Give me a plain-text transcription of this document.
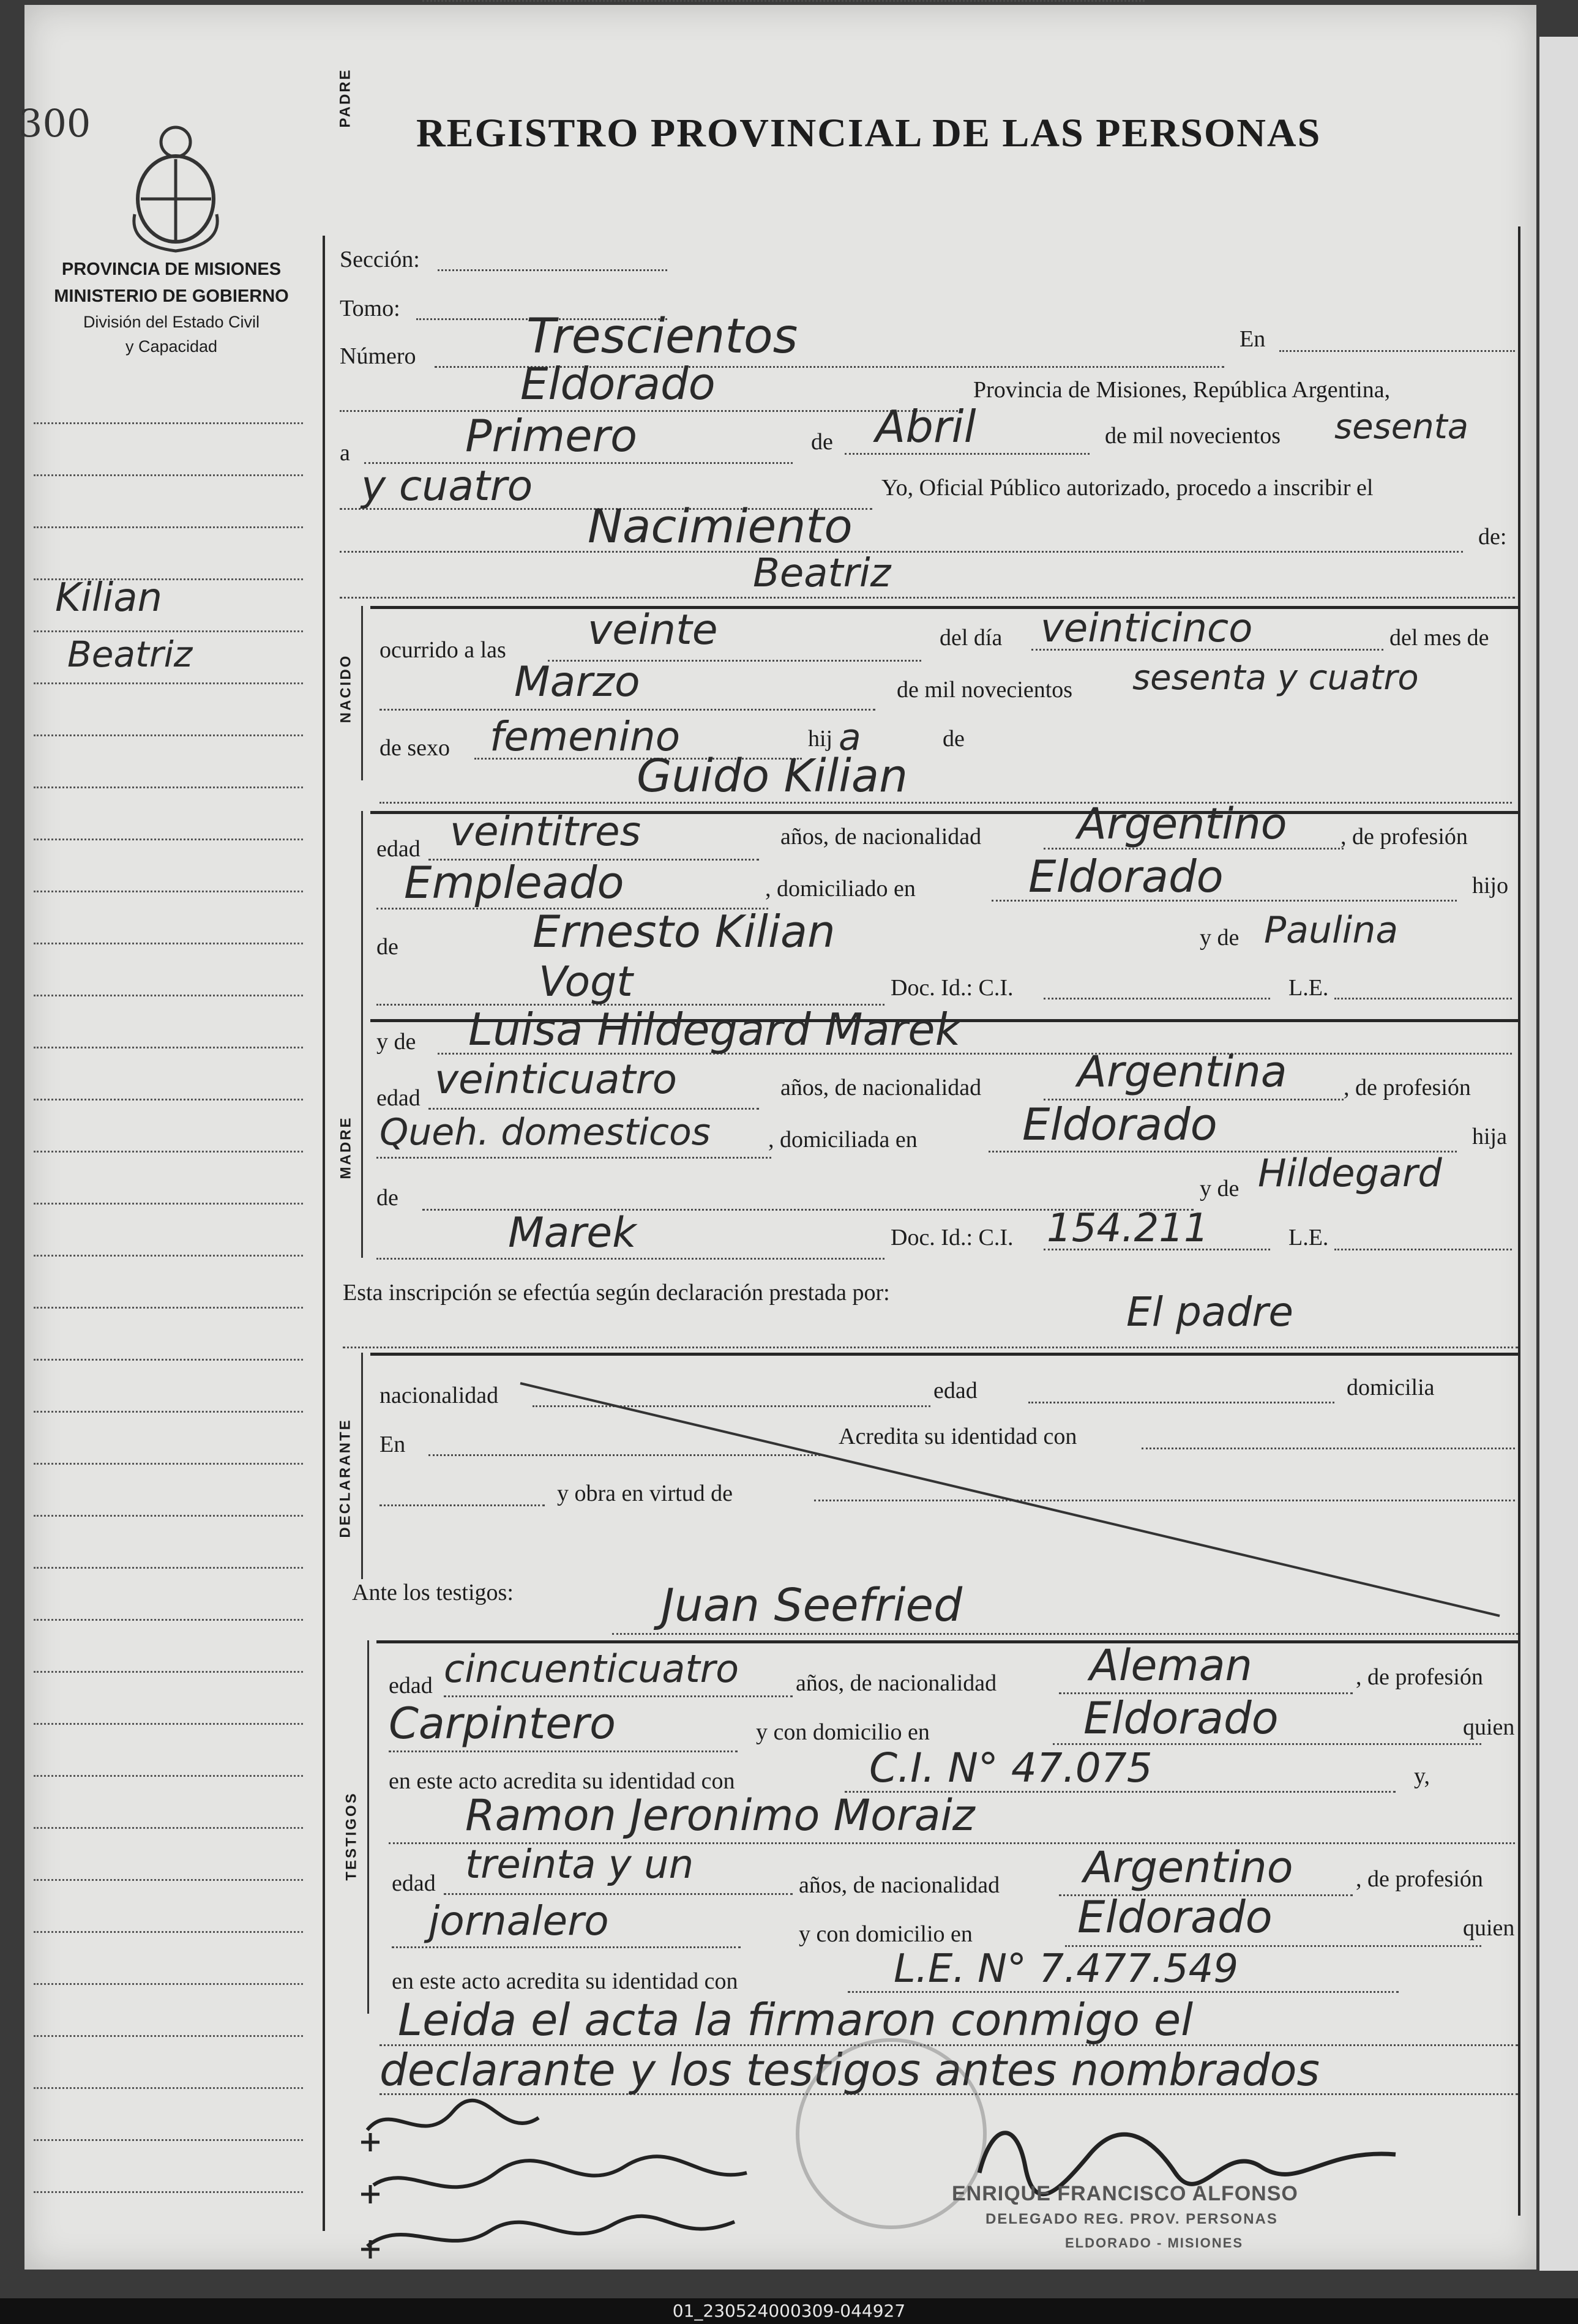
300	REGISTRO PROVINCIAL DE LAS PERSONAS
PROVINCIA DE MISIONES
MINISTERIO DE GOBIERNO
División del Estado Civil
y Capacidad
Kilian
Beatriz
Sección:
Tomo:
Número Trescientos	En
Eldorado	Provincia de Misiones, República Argentina,
a	Primero	de Abril	de mil novecientos sesenta
y cuatro	Yo, Oficial Público autorizado, procedo a inscribir el
Nacimiento	de:
Beatriz
NACIDO
ocurrido a las veinte	del día veinticinco	del mes de
Marzo	de mil novecientos sesenta y cuatro
de sexo femenino	hij a	de
Guido Kilian
PADRE
edad veintitres	años, de nacionalidad Argentino , de profesión
Empleado	, domiciliado en	Eldorado	hijo
de	Ernesto Kilian	y de Paulina
Vogt	Doc. Id.: C.I.	L.E.
MADRE
y de Luisa Hildegard Marek
edad veinticuatro	años, de nacionalidad Argentina , de profesión
Queh. domesticos , domiciliada en Eldorado	hija
de	y de Hildegard
Marek	Doc. Id.: C.I. 154.211	L.E.
Esta inscripción se efectúa según declaración prestada por:	El padre
DECLARANTE
nacionalidad	edad	domicilia
En	Acredita su identidad con
y obra en virtud de
Ante los testigos:	Juan Seefried
TESTIGOS
edad cincuenticuatro años, de nacionalidad Aleman	, de profesión
Carpintero	y con domicilio en	Eldorado	quien
en este acto acredita su identidad con	C.I. N° 47.075	y,
Ramon Jeronimo Moraiz
edad treinta y un	años, de nacionalidad Argentino	, de profesión
jornalero	y con domicilio en Eldorado	quien
en este acto acredita su identidad con	L.E. N° 7.477.549
Leida el acta la firmaron conmigo el
declarante y los testigos antes nombrados
ENRIQUE FRANCISCO ALFONSO
DELEGADO REG. PROV. PERSONAS
ELDORADO - MISIONES
01_230524000309-044927
